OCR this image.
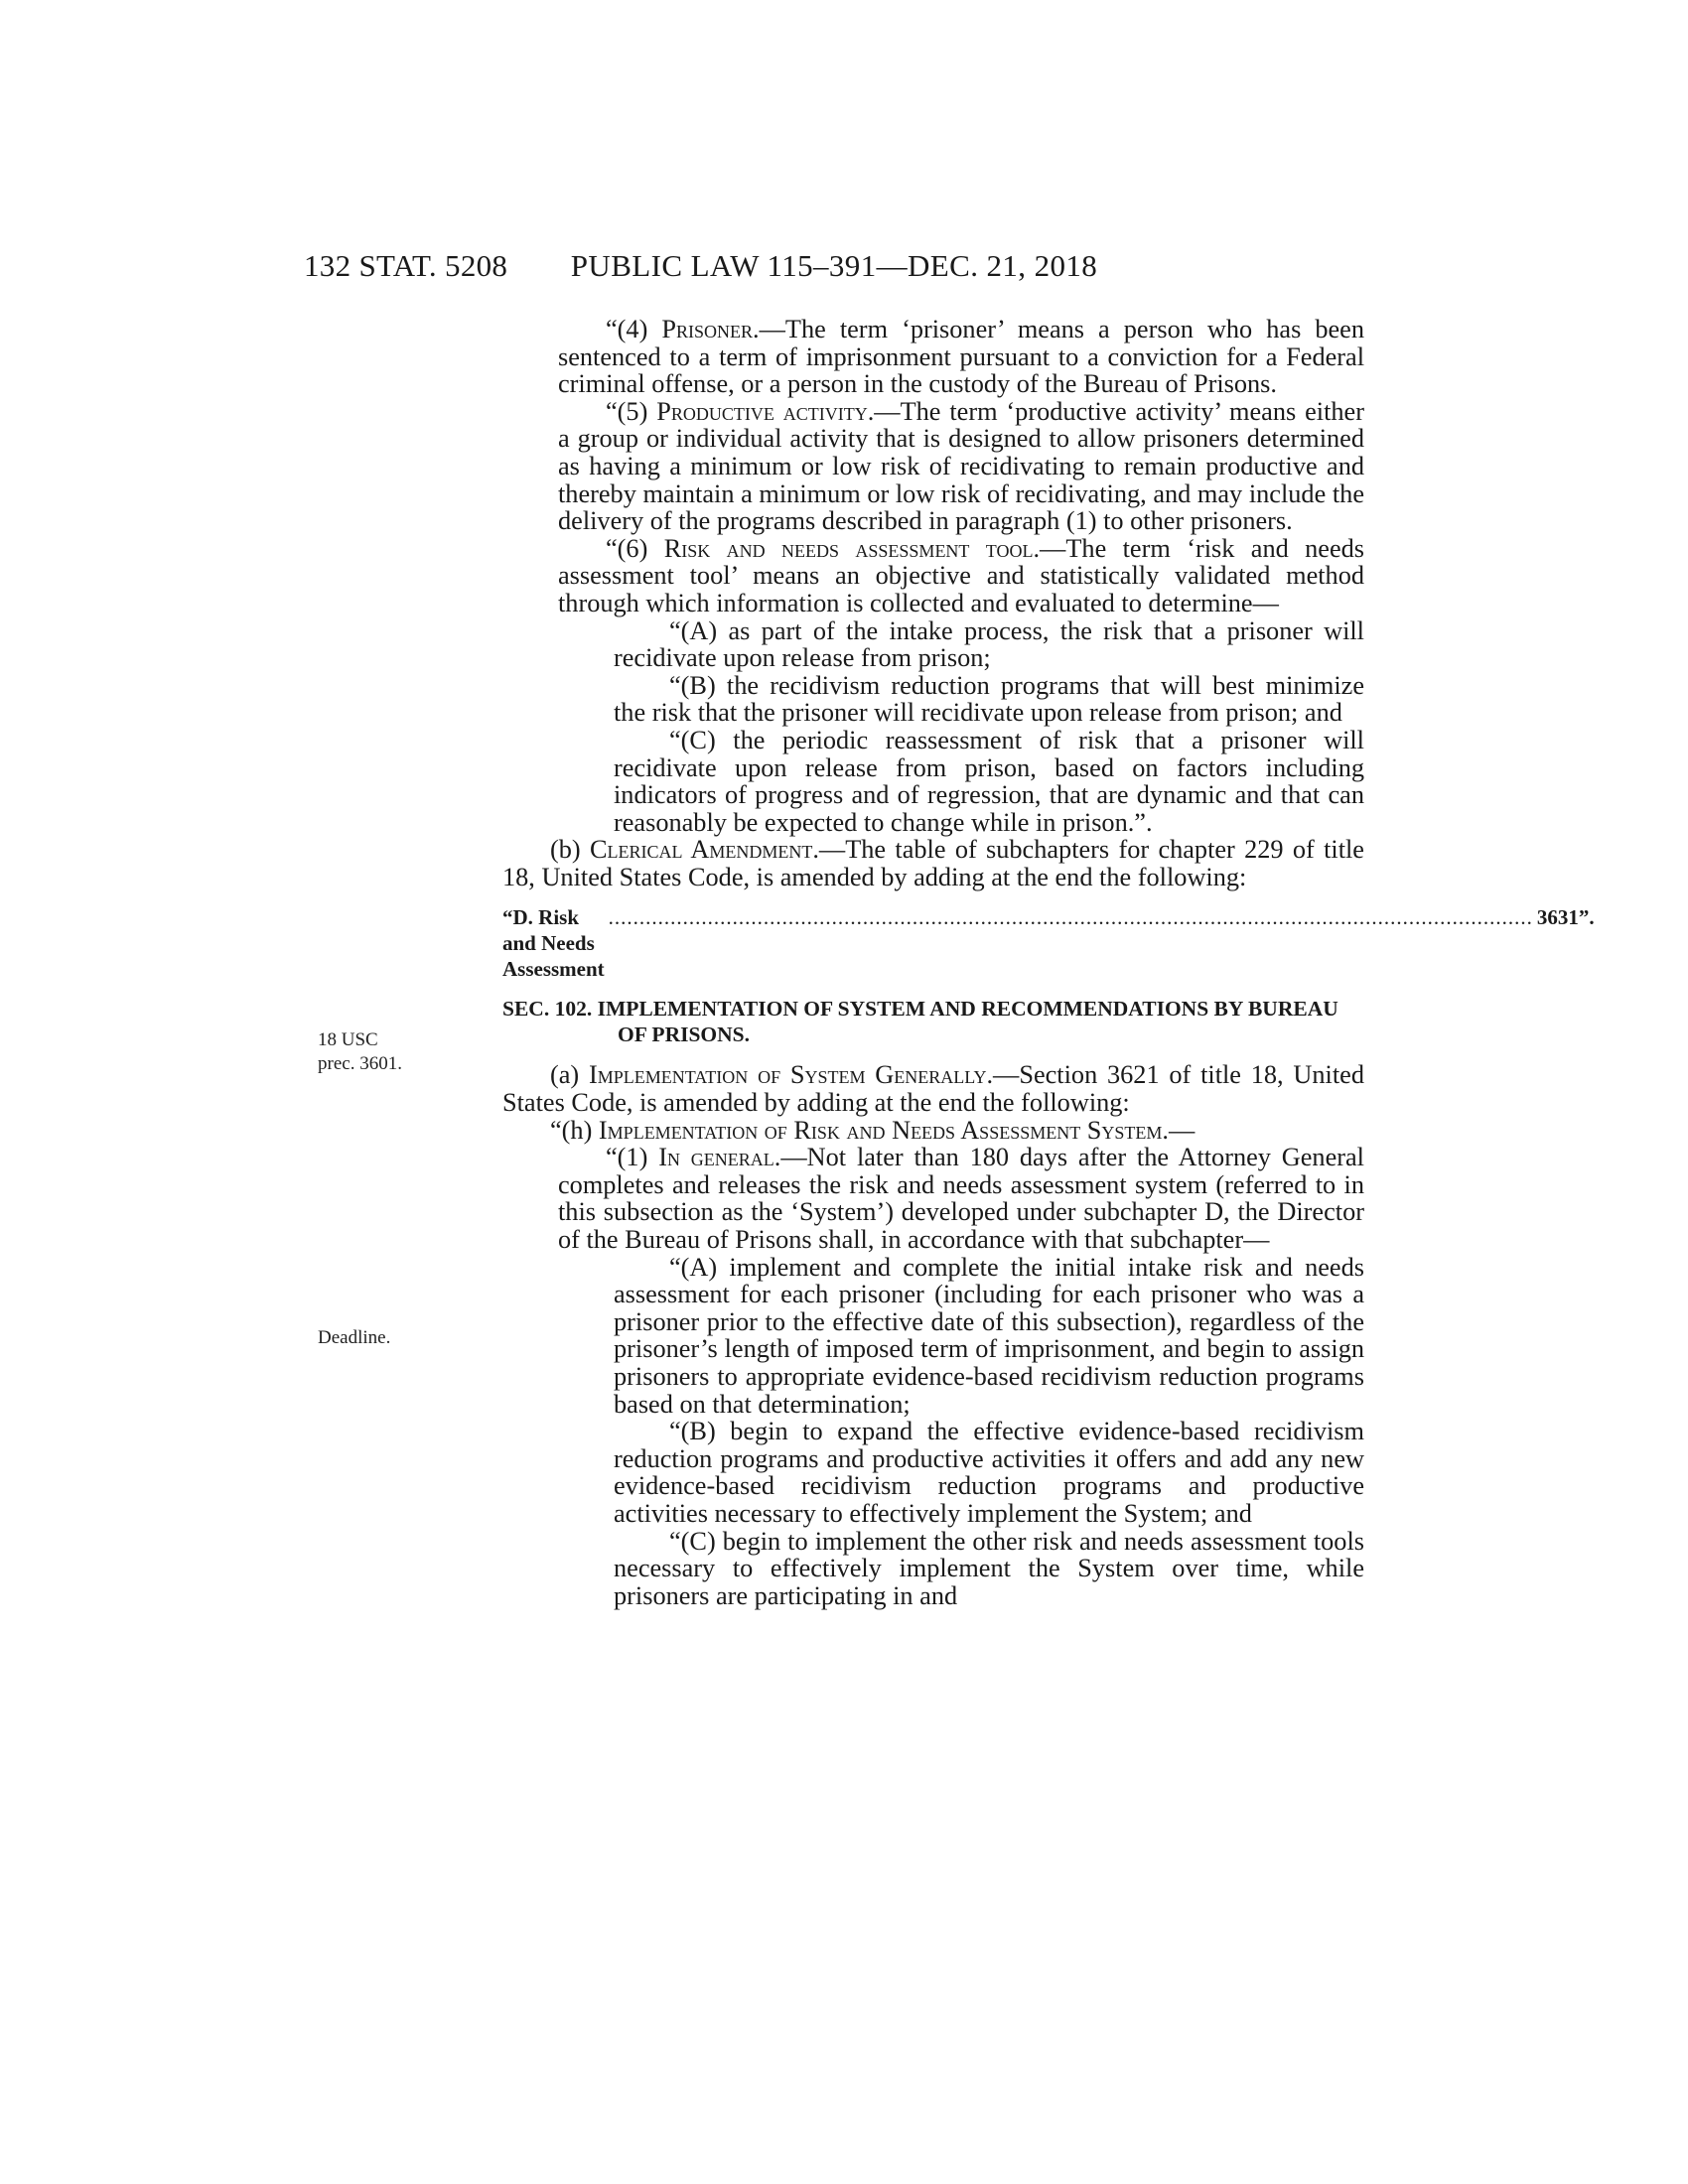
132 STAT. 5208	PUBLIC LAW 115–391—DEC. 21, 2018
18 USC
prec. 3601.
Deadline.

“(4) Prisoner.—The term ‘prisoner’ means a person who has been sentenced to a term of imprisonment pursuant to a conviction for a Federal criminal offense, or a person in the custody of the Bureau of Prisons.

“(5) Productive activity.—The term ‘productive activity’ means either a group or individual activity that is designed to allow prisoners determined as having a minimum or low risk of recidivating to remain productive and thereby maintain a minimum or low risk of recidivating, and may include the delivery of the programs described in paragraph (1) to other prisoners.

“(6) Risk and needs assessment tool.—The term ‘risk and needs assessment tool’ means an objective and statistically validated method through which information is collected and evaluated to determine—

“(A) as part of the intake process, the risk that a prisoner will recidivate upon release from prison;

“(B) the recidivism reduction programs that will best minimize the risk that the prisoner will recidivate upon release from prison; and

“(C) the periodic reassessment of risk that a prisoner will recidivate upon release from prison, based on factors including indicators of progress and of regression, that are dynamic and that can reasonably be expected to change while in prison.”.

(b) Clerical Amendment.—The table of subchapters for chapter 229 of title 18, United States Code, is amended by adding at the end the following:

“D. Risk and Needs Assessment
..................................................................................................................................................... 3631”.
SEC. 102. IMPLEMENTATION OF SYSTEM AND RECOMMENDATIONS BY BUREAU OF PRISONS.

(a) Implementation of System Generally.—Section 3621 of title 18, United States Code, is amended by adding at the end the following:

“(h) Implementation of Risk and Needs Assessment System.—

“(1) In general.—Not later than 180 days after the Attorney General completes and releases the risk and needs assessment system (referred to in this subsection as the ‘System’) developed under subchapter D, the Director of the Bureau of Prisons shall, in accordance with that subchapter—

“(A) implement and complete the initial intake risk and needs assessment for each prisoner (including for each prisoner who was a prisoner prior to the effective date of this subsection), regardless of the prisoner’s length of imposed term of imprisonment, and begin to assign prisoners to appropriate evidence-based recidivism reduction programs based on that determination;

“(B) begin to expand the effective evidence-based recidivism reduction programs and productive activities it offers and add any new evidence-based recidivism reduction programs and productive activities necessary to effectively implement the System; and

“(C) begin to implement the other risk and needs assessment tools necessary to effectively implement the System over time, while prisoners are participating in and
